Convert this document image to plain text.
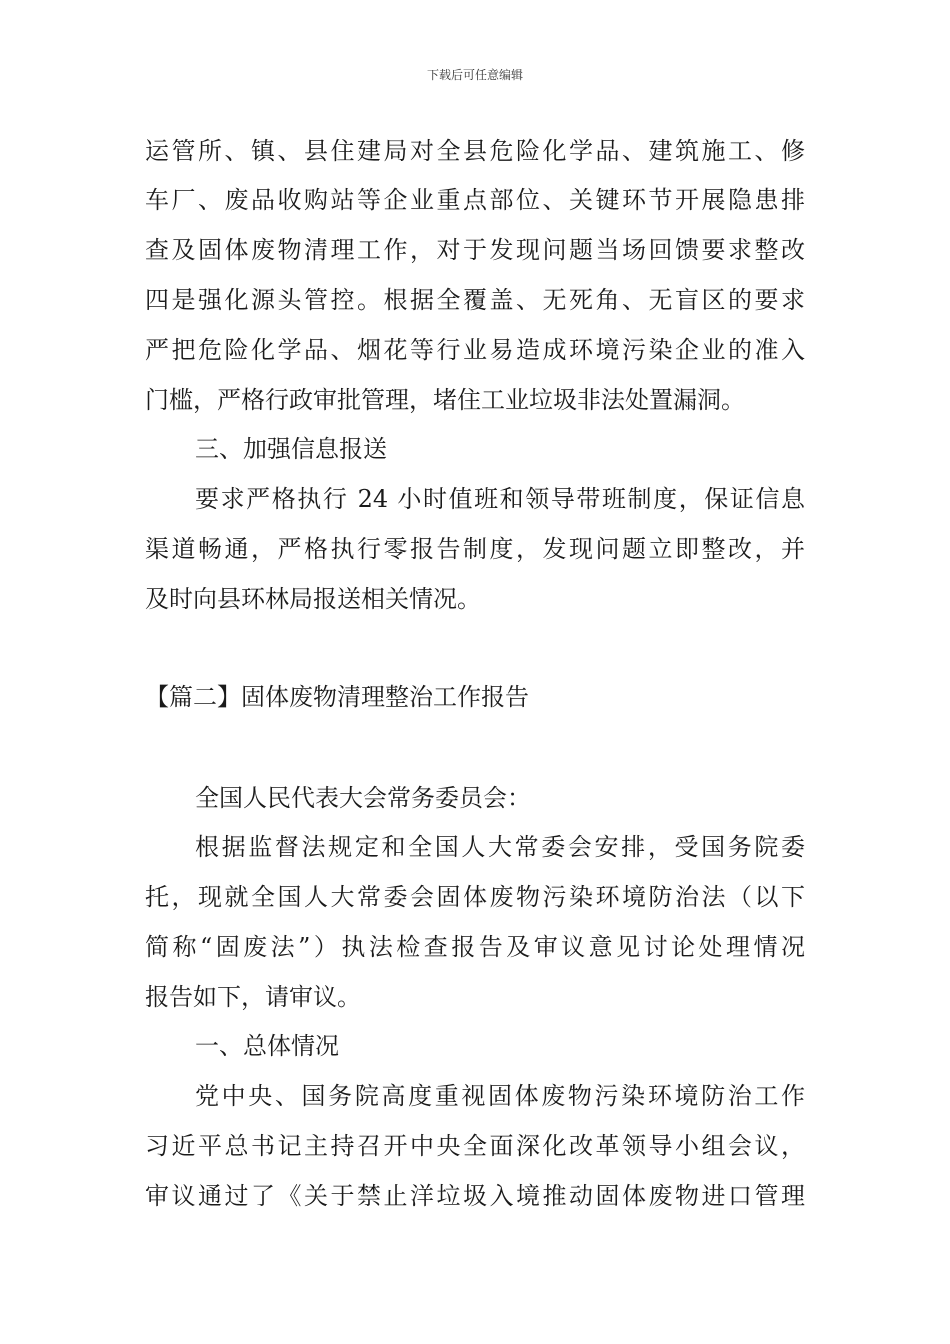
下载后可任意编辑
运管所、镇、县住建局对全县危险化学品、建筑施工、修
车厂、废品收购站等企业重点部位、关键环节开展隐患排
查及固体废物清理工作，对于发现问题当场回馈要求整改
四是强化源头管控。根据全覆盖、无死角、无盲区的要求
严把危险化学品、烟花等行业易造成环境污染企业的准入
门槛，严格行政审批管理，堵住工业垃圾非法处置漏洞。
三、加强信息报送
要求严格执行 24 小时值班和领导带班制度，保证信息
渠道畅通，严格执行零报告制度，发现问题立即整改，并
及时向县环林局报送相关情况。
【篇二】固体废物清理整治工作报告
全国人民代表大会常务委员会：
根据监督法规定和全国人大常委会安排，受国务院委
托，现就全国人大常委会固体废物污染环境防治法（以下
简称“固废法”）执法检查报告及审议意见讨论处理情况
报告如下，请审议。
一、总体情况
党中央、国务院高度重视固体废物污染环境防治工作
习近平总书记主持召开中央全面深化改革领导小组会议，
审议通过了《关于禁止洋垃圾入境推动固体废物进口管理
